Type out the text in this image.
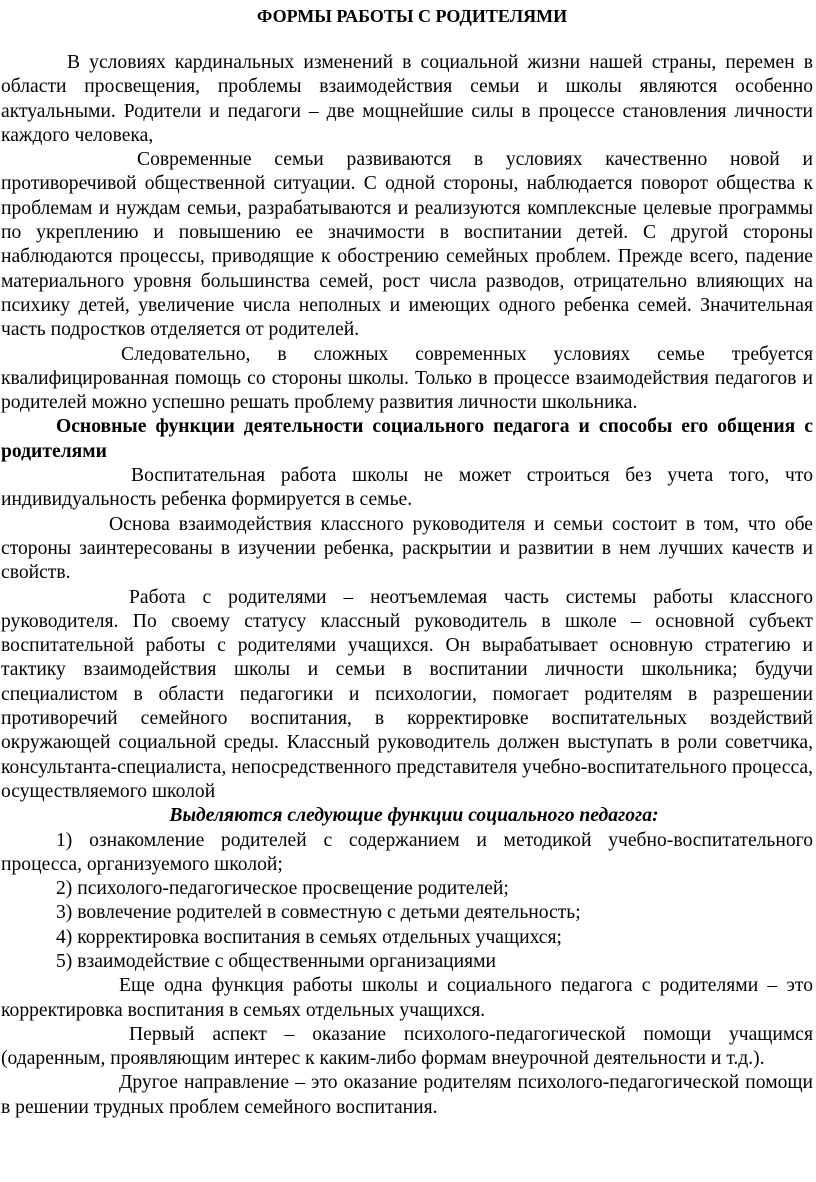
ФОРМЫ РАБОТЫ С РОДИТЕЛЯМИ

В условиях кардинальных изменений в социальной жизни нашей страны, перемен в области просвещения, проблемы взаимодействия семьи и школы являются особенно актуальными. Родители и педагоги – две мощнейшие силы в процессе становления личности каждого человека,

Современные семьи развиваются в условиях качественно новой и противоречивой общественной ситуации. С одной стороны, наблюдается поворот общества к проблемам и нуждам семьи, разрабатываются и реализуются комплексные целевые программы по укреплению и повышению ее значимости в воспитании детей. С другой стороны наблюдаются процессы, приводящие к обострению семейных проблем. Прежде всего, падение материального уровня большинства семей, рост числа разводов, отрицательно влияющих на психику детей, увеличение числа неполных и имеющих одного ребенка семей. Значительная часть подростков отделяется от родителей.

Следовательно, в сложных современных условиях семье требуется квалифицированная помощь со стороны школы. Только в процессе взаимодействия педагогов и родителей можно успешно решать проблему развития личности школьника.

Основные функции деятельности социального педагога и способы его общения с родителями

Воспитательная работа школы не может строиться без учета того, что индивидуальность ребенка формируется в семье.

Основа взаимодействия классного руководителя и семьи состоит в том, что обе стороны заинтересованы в изучении ребенка, раскрытии и развитии в нем лучших качеств и свойств.

Работа с родителями – неотъемлемая часть системы работы классного руководителя. По своему статусу классный руководитель в школе – основной субъект воспитательной работы с родителями учащихся. Он вырабатывает основную стратегию и тактику взаимодействия школы и семьи в воспитании личности школьника; будучи специалистом в области педагогики и психологии, помогает родителям в разрешении противоречий семейного воспитания, в корректировке воспитательных воздействий окружающей социальной среды. Классный руководитель должен выступать в роли советчика, консультанта-специалиста, непосредственного представителя учебно-воспитательного процесса, осуществляемого школой

Выделяются следующие функции социального педагога:

1) ознакомление родителей с содержанием и методикой учебно-воспитательного процесса, организуемого школой;

2) психолого-педагогическое просвещение родителей;

3) вовлечение родителей в совместную с детьми деятельность;

4) корректировка воспитания в семьях отдельных учащихся;

5) взаимодействие с общественными организациями

Еще одна функция работы школы и социального педагога с родителями – это корректировка воспитания в семьях отдельных учащихся.

Первый аспект – оказание психолого-педагогической помощи учащимся (одаренным, проявляющим интерес к каким-либо формам внеурочной деятельности и т.д.).

Другое направление – это оказание родителям психолого-педагогической помощи в решении трудных проблем семейного воспитания.
